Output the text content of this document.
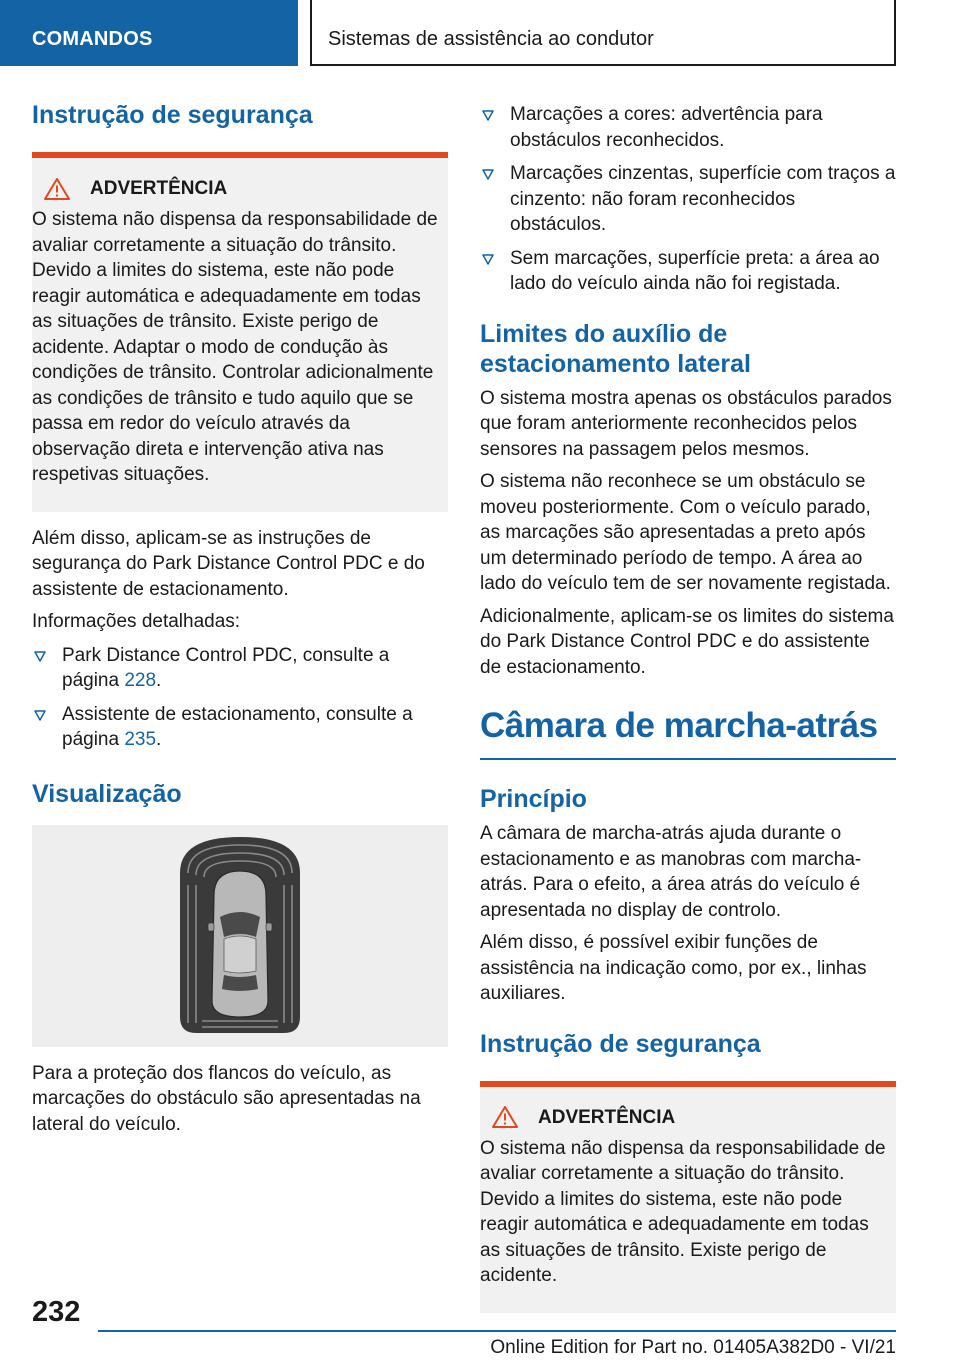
COMANDOS	Sistemas de assistência ao condutor
Instrução de segurança
ADVERTÊNCIA

O sistema não dispensa da responsabilidade de avaliar corretamente a situação do trânsito. Devido a limites do sistema, este não pode reagir automática e adequadamente em todas as situações de trânsito. Existe perigo de acidente. Adaptar o modo de condução às condições de trânsito. Controlar adicionalmente as condições de trânsito e tudo aquilo que se passa em redor do veículo através da observação direta e intervenção ativa nas respetivas situações.

Além disso, aplicam-se as instruções de segurança do Park Distance Control PDC e do assistente de estacionamento.

Informações detalhadas:

Park Distance Control PDC, consulte a página 228.
Assistente de estacionamento, consulte a página 235.
Visualização

Para a proteção dos flancos do veículo, as marcações do obstáculo são apresentadas na lateral do veículo.

Marcações a cores: advertência para obstáculos reconhecidos.
Marcações cinzentas, superfície com traços a cinzento: não foram reconhecidos obstáculos.
Sem marcações, superfície preta: a área ao lado do veículo ainda não foi registada.
Limites do auxílio de estacionamento lateral

O sistema mostra apenas os obstáculos parados que foram anteriormente reconhecidos pelos sensores na passagem pelos mesmos.

O sistema não reconhece se um obstáculo se moveu posteriormente. Com o veículo parado, as marcações são apresentadas a preto após um determinado período de tempo. A área ao lado do veículo tem de ser novamente registada.

Adicionalmente, aplicam-se os limites do sistema do Park Distance Control PDC e do assistente de estacionamento.

Câmara de marcha-atrás
Princípio

A câmara de marcha-atrás ajuda durante o estacionamento e as manobras com marcha-atrás. Para o efeito, a área atrás do veículo é apresentada no display de controlo.

Além disso, é possível exibir funções de assistência na indicação como, por ex., linhas auxiliares.

Instrução de segurança
ADVERTÊNCIA

O sistema não dispensa da responsabilidade de avaliar corretamente a situação do trânsito. Devido a limites do sistema, este não pode reagir automática e adequadamente em todas as situações de trânsito. Existe perigo de acidente.

232
Online Edition for Part no. 01405A382D0 - VI/21
